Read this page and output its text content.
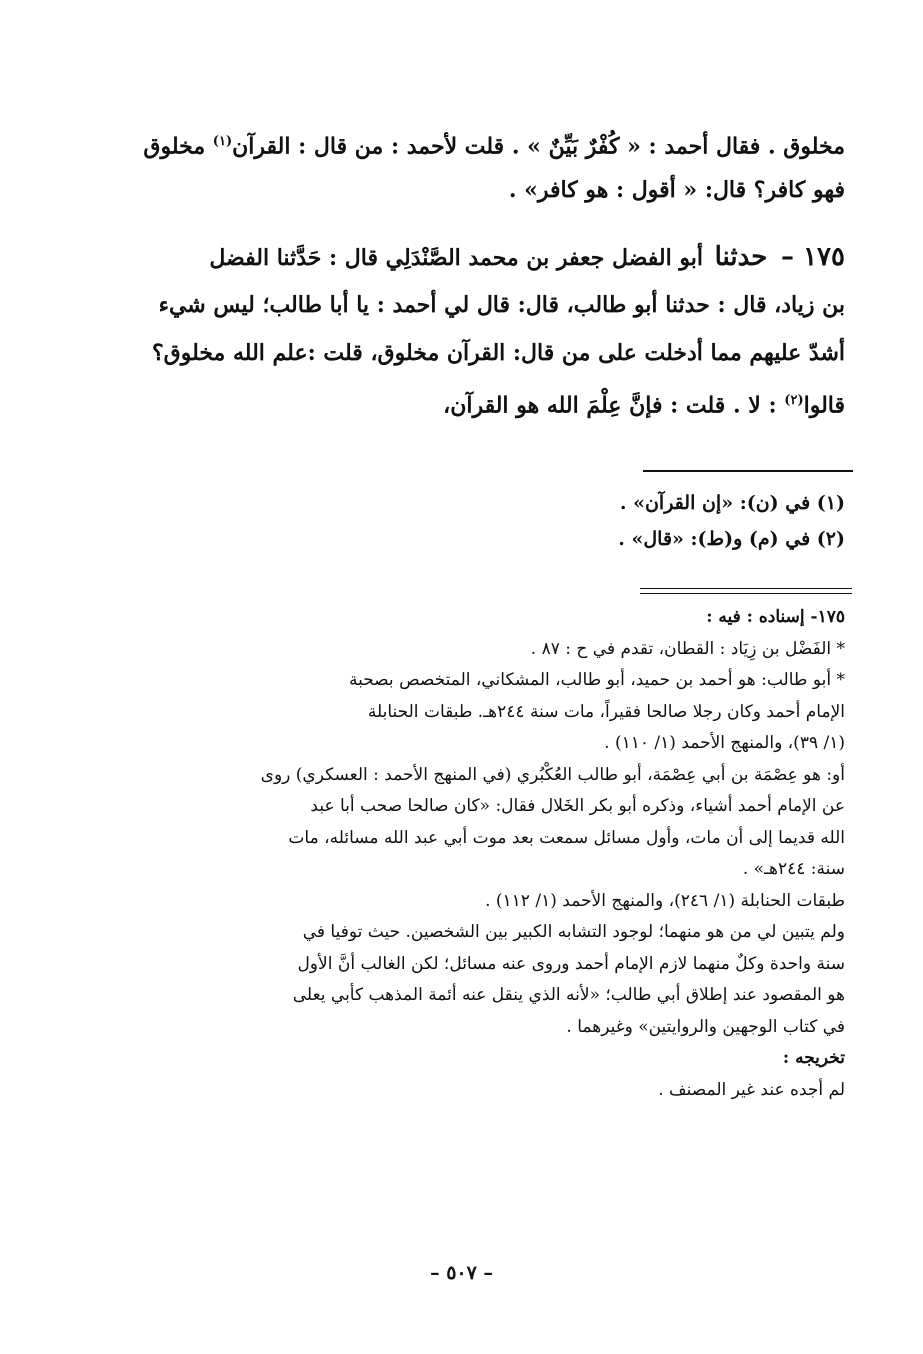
مخلوق . فقال أحمد : « كُفْرٌ بَيِّنٌ » . قلت لأحمد : من قال : القرآن$^{(١)}$ مخلوق
فهو كافر؟ قال: « أقول : هو كافر» .
١٧٥ – حدثنا أبو الفضل جعفر بن محمد الصَّنْدَلِي قال : حَدَّثنا الفضل
بن زياد، قال : حدثنا أبو طالب، قال: قال لي أحمد : يا أبا طالب؛ ليس شيء
أشدّ عليهم مما أدخلت على من قال: القرآن مخلوق، قلت :علم الله مخلوق؟
قالوا$^{(٢)}$ : لا . قلت : فإنَّ عِلْمَ الله هو القرآن،
(١) في (ن): «إن القرآن» .
(٢) في (م) و(ط): «قال» .
١٧٥- إسناده : فيه :
* الفَضْل بن زِيَاد : القطان، تقدم في ح : ٨٧ .
* أبو طالب: هو أحمد بن حميد، أبو طالب، المشكاني، المتخصص بصحبة
الإمام أحمد وكان رجلا صالحا فقيراً، مات سنة ٢٤٤هـ. طبقات الحنابلة
(١/ ٣٩)، والمنهج الأحمد (١/ ١١٠) .
أو: هو عِصْمَة بن أبي عِصْمَة، أبو طالب العُكْبُري (في المنهج الأحمد : العسكري) روى
عن الإمام أحمد أشياء، وذكره أبو بكر الخَلال فقال: «كان صالحا صحب أبا عبد
الله قديما إلى أن مات، وأول مسائل سمعت بعد موت أبي عبد الله مسائله، مات
سنة: ٢٤٤هـ» .
طبقات الحنابلة (١/ ٢٤٦)، والمنهج الأحمد (١/ ١١٢) .
ولم يتبين لي من هو منهما؛ لوجود التشابه الكبير بين الشخصين. حيث توفيا في
سنة واحدة وكلٌ منهما لازم الإمام أحمد وروى عنه مسائل؛ لكن الغالب أنَّ الأول
هو المقصود عند إطلاق أبي طالب؛ «لأنه الذي ينقل عنه أئمة المذهب كأبي يعلى
في كتاب الوجهين والروايتين» وغيرهما .
تخريجه :
لم أجده عند غير المصنف .
– ٥٠٧ –
